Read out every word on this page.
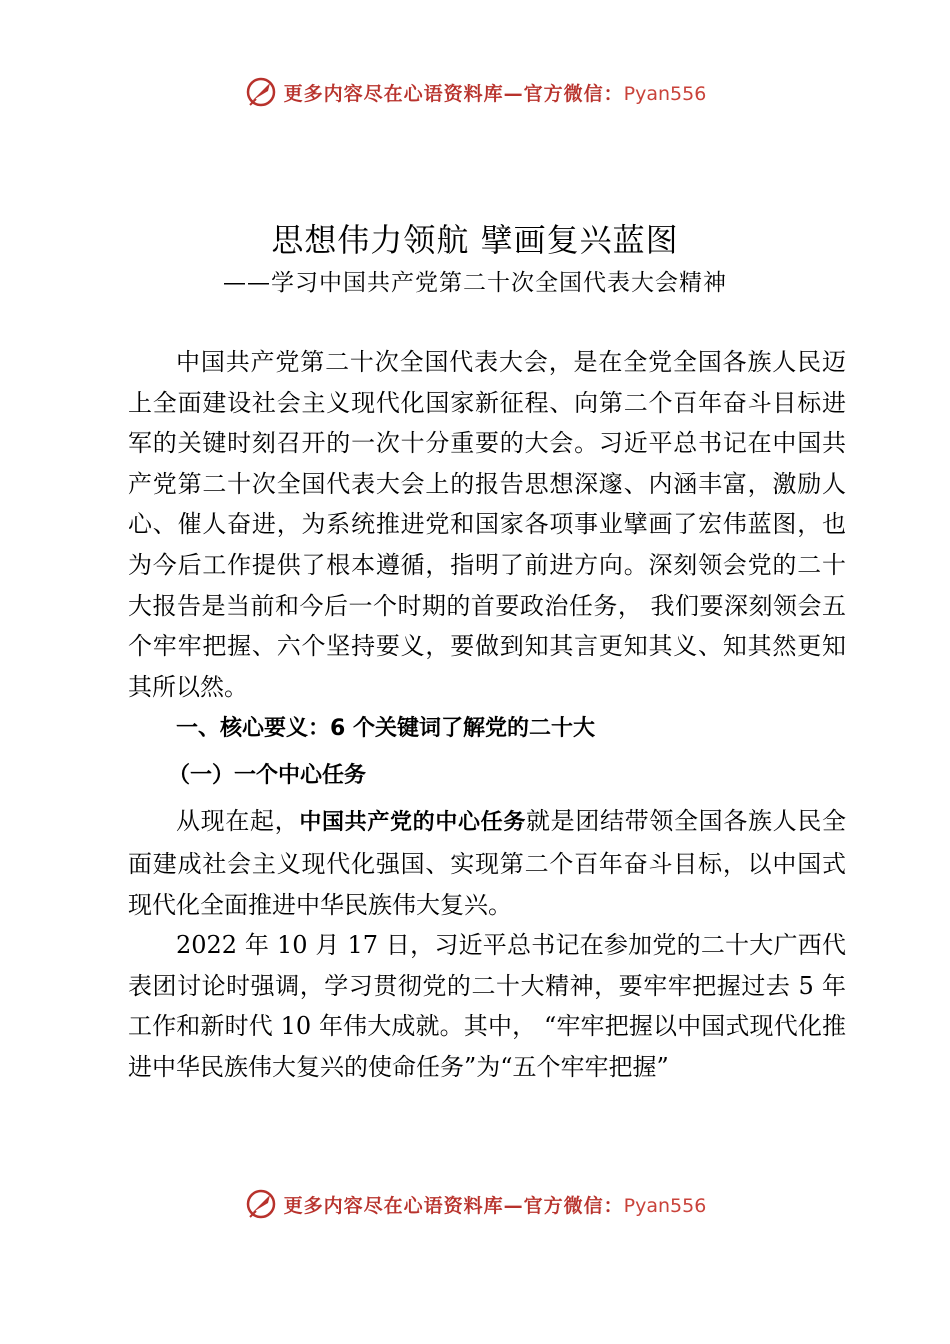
更多内容尽在心语资料库—官方微信：Pyan556
思想伟力领航 擘画复兴蓝图
——学习中国共产党第二十次全国代表大会精神

中国共产党第二十次全国代表大会，是在全党全国各族人民迈上全面建设社会主义现代化国家新征程、向第二个百年奋斗目标进军的关键时刻召开的一次十分重要的大会。习近平总书记在中国共产党第二十次全国代表大会上的报告思想深邃、内涵丰富，激励人心、催人奋进，为系统推进党和国家各项事业擘画了宏伟蓝图，也为今后工作提供了根本遵循，指明了前进方向。深刻领会党的二十大报告是当前和今后一个时期的首要政治任务， 我们要深刻领会五个牢牢把握、六个坚持要义，要做到知其言更知其义、知其然更知其所以然。

一、核心要义：6 个关键词了解党的二十大

（一）一个中心任务

从现在起，中国共产党的中心任务就是团结带领全国各族人民全面建成社会主义现代化强国、实现第二个百年奋斗目标，以中国式现代化全面推进中华民族伟大复兴。

2022 年 10 月 17 日，习近平总书记在参加党的二十大广西代表团讨论时强调，学习贯彻党的二十大精神，要牢牢把握过去 5 年工作和新时代 10 年伟大成就。其中， “牢牢把握以中国式现代化推进中华民族伟大复兴的使命任务”为“五个牢牢把握”

更多内容尽在心语资料库—官方微信：Pyan556
